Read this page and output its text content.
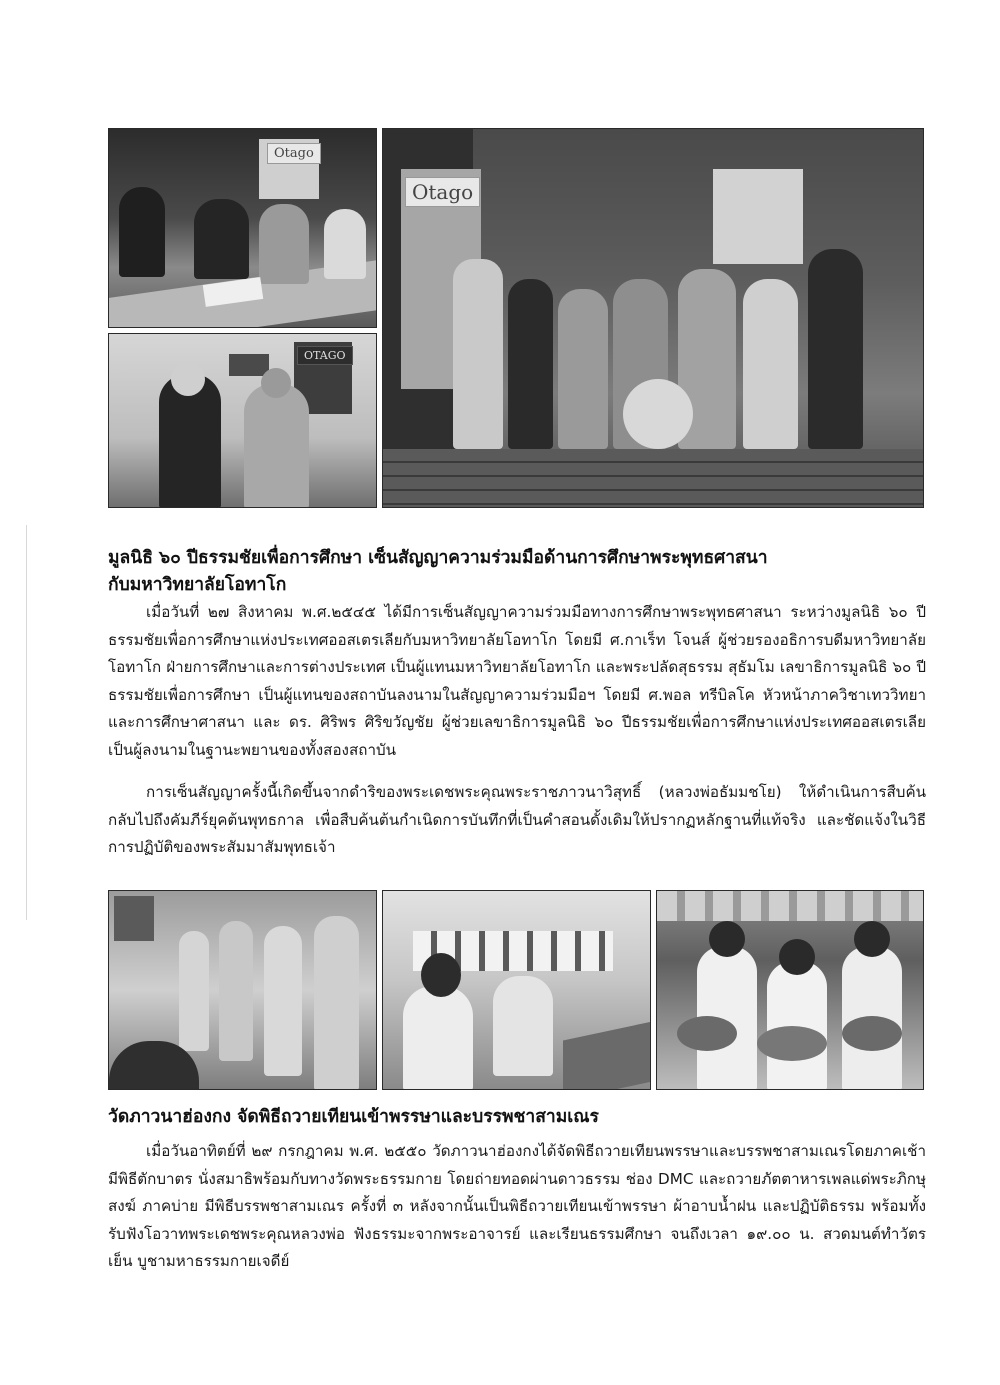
Otago
OTAGO
Otago
มูลนิธิ ๖๐ ปีธรรมชัยเพื่อการศึกษา เซ็นสัญญาความร่วมมือด้านการศึกษาพระพุทธศาสนา
กับมหาวิทยาลัยโอทาโก

เมื่อวันที่ ๒๗ สิงหาคม พ.ศ.๒๕๔๕ ได้มีการเซ็นสัญญาความร่วมมือทางการศึกษาพระพุทธศาสนา ระหว่างมูลนิธิ ๖๐ ปีธรรมชัยเพื่อการศึกษาแห่งประเทศออสเตรเลียกับมหาวิทยาลัยโอทาโก โดยมี ศ.กาเร็ท โจนส์ ผู้ช่วยรองอธิการบดีมหาวิทยาลัยโอทาโก ฝ่ายการศึกษาและการต่างประเทศ เป็นผู้แทนมหาวิทยาลัยโอทาโก และพระปลัดสุธรรม สุธัมโม เลขาธิการมูลนิธิ ๖๐ ปีธรรมชัยเพื่อการศึกษา เป็นผู้แทนของสถาบันลงนามในสัญญาความร่วมมือฯ โดยมี ศ.พอล ทรีบิลโค หัวหน้าภาควิชาเทววิทยาและการศึกษาศาสนา และ ดร. ศิริพร ศิริขวัญชัย ผู้ช่วยเลขาธิการมูลนิธิ ๖๐ ปีธรรมชัยเพื่อการศึกษาแห่งประเทศออสเตรเลีย เป็นผู้ลงนามในฐานะพยานของทั้งสองสถาบัน

การเซ็นสัญญาครั้งนี้เกิดขึ้นจากดำริของพระเดชพระคุณพระราชภาวนาวิสุทธิ์ (หลวงพ่อธัมมชโย) ให้ดำเนินการสืบค้นกลับไปถึงคัมภีร์ยุคต้นพุทธกาล เพื่อสืบค้นต้นกำเนิดการบันทึกที่เป็นคำสอนดั้งเดิมให้ปรากฏหลักฐานที่แท้จริง และชัดแจ้งในวิธีการปฏิบัติของพระสัมมาสัมพุทธเจ้า

วัดภาวนาฮ่องกง จัดพิธีถวายเทียนเข้าพรรษาและบรรพชาสามเณร

เมื่อวันอาทิตย์ที่ ๒๙ กรกฎาคม พ.ศ. ๒๕๕๐ วัดภาวนาฮ่องกงได้จัดพิธีถวายเทียนพรรษาและบรรพชาสามเณรโดยภาคเช้า มีพิธีตักบาตร นั่งสมาธิพร้อมกับทางวัดพระธรรมกาย โดยถ่ายทอดผ่านดาวธรรม ช่อง DMC และถวายภัตตาหารเพลแด่พระภิกษุสงฆ์ ภาคบ่าย มีพิธีบรรพชาสามเณร ครั้งที่ ๓ หลังจากนั้นเป็นพิธีถวายเทียนเข้าพรรษา ผ้าอาบน้ำฝน และปฏิบัติธรรม พร้อมทั้งรับฟังโอวาทพระเดชพระคุณหลวงพ่อ ฟังธรรมะจากพระอาจารย์ และเรียนธรรมศึกษา จนถึงเวลา ๑๙.๐๐ น. สวดมนต์ทำวัตรเย็น บูชามหาธรรมกายเจดีย์
